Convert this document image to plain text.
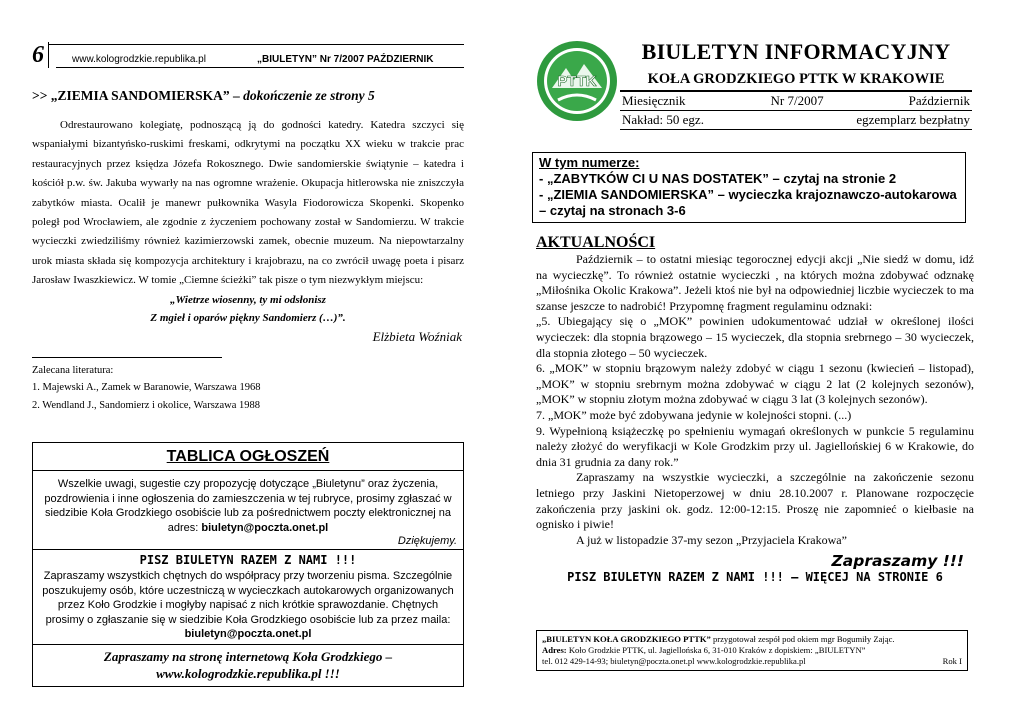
6	www.kologrodzkie.republika.pl	„BIULETYN” Nr 7/2007 PAŹDZIERNIK
>> „ZIEMIA SANDOMIERSKA” – dokończenie ze strony 5

Odrestaurowano kolegiatę, podnoszącą ją do godności katedry. Katedra szczyci się wspaniałymi bizantyńsko-ruskimi freskami, odkrytymi na początku XX wieku w trakcie prac restauracyjnych przez księdza Józefa Rokosznego. Dwie sandomierskie świątynie – katedra i kościół p.w. św. Jakuba wywarły na nas ogromne wrażenie. Okupacja hitlerowska nie zniszczyła zabytków miasta. Ocalił je manewr pułkownika Wasyla Fiodorowicza Skopenki. Skopenko poległ pod Wrocławiem, ale zgodnie z życzeniem pochowany został w Sandomierzu. W trakcie wycieczki zwiedziliśmy również kazimierzowski zamek, obecnie muzeum. Na niepowtarzalny urok miasta składa się kompozycja architektury i krajobrazu, na co zwrócił uwagę poeta i pisarz Jarosław Iwaszkiewicz. W tomie „Ciemne ścieżki” tak pisze o tym niezwykłym miejscu:

„Wietrze wiosenny, ty mi odsłonisz
Z mgieł i oparów piękny Sandomierz (…)”.
Elżbieta Woźniak
Zalecana literatura:
1. Majewski A., Zamek w Baranowie, Warszawa 1968
2. Wendland J., Sandomierz i okolice, Warszawa 1988
TABLICA OGŁOSZEŃ
Wszelkie uwagi, sugestie czy propozycję dotyczące „Biuletynu” oraz życzenia, pozdrowienia i inne ogłoszenia do zamieszczenia w tej rubryce, prosimy zgłaszać w siedzibie Koła Grodzkiego osobiście lub za pośrednictwem poczty elektronicznej na adres: biuletyn@poczta.onet.pl
Dziękujemy.
PISZ BIULETYN RAZEM Z NAMI !!!
Zapraszamy wszystkich chętnych do współpracy przy tworzeniu pisma. Szczególnie poszukujemy osób, które uczestniczą w wycieczkach autokarowych organizowanych przez Koło Grodzkie i mogłyby napisać z nich krótkie sprawozdanie. Chętnych prosimy o zgłaszanie się w siedzibie Koła Grodzkiego osobiście lub za przez maila: biuletyn@poczta.onet.pl
Zapraszamy na stronę internetową Koła Grodzkiego –
www.kologrodzkie.republika.pl !!!
PTTK
BIULETYN INFORMACYJNY
KOŁA GRODZKIEGO PTTK W KRAKOWIE
Miesięcznik	Nr 7/2007	Październik
Nakład: 50 egz.	egzemplarz bezpłatny
W tym numerze:
- „ZABYTKÓW CI U NAS DOSTATEK” – czytaj na stronie 2
- „ZIEMIA SANDOMIERSKA” – wycieczka krajoznawczo-autokarowa – czytaj na stronach 3-6
AKTUALNOŚCI

Październik – to ostatni miesiąc tegorocznej edycji akcji „Nie siedź w domu, idź na wycieczkę”. To również ostatnie wycieczki , na których można zdobywać odznakę „Miłośnika Okolic Krakowa”. Jeżeli ktoś nie był na odpowiedniej liczbie wycieczek to ma szanse jeszcze to nadrobić! Przypomnę fragment regulaminu odznaki:

„5. Ubiegający się o „MOK” powinien udokumentować udział w określonej ilości wycieczek: dla stopnia brązowego – 15 wycieczek, dla stopnia srebrnego – 30 wycieczek, dla stopnia złotego – 50 wycieczek.

6. „MOK” w stopniu brązowym należy zdobyć w ciągu 1 sezonu (kwiecień – listopad), „MOK” w stopniu srebrnym można zdobywać w ciągu 2 lat (2 kolejnych sezonów), „MOK” w stopniu złotym można zdobywać w ciągu 3 lat (3 kolejnych sezonów).

7. „MOK” może być zdobywana jedynie w kolejności stopni. (...)

9. Wypełnioną książeczkę po spełnieniu wymagań określonych w punkcie 5 regulaminu należy złożyć do weryfikacji w Kole Grodzkim przy ul. Jagiellońskiej 6 w Krakowie, do dnia 31 grudnia za dany rok.”

Zapraszamy na wszystkie wycieczki, a szczególnie na zakończenie sezonu letniego przy Jaskini Nietoperzowej w dniu 28.10.2007 r. Planowane rozpoczęcie zakończenia przy jaskini ok. godz. 12:00-12:15. Proszę nie zapomnieć o kiełbasie na ognisko i piwie!

A już w listopadzie 37-my sezon „Przyjaciela Krakowa”

Zapraszamy !!!
PISZ BIULETYN RAZEM Z NAMI !!! – WIĘCEJ NA STRONIE 6
„BIULETYN KOŁA GRODZKIEGO PTTK” przygotował zespół pod okiem mgr Bogumiły Zając.
Adres: Koło Grodzkie PTTK, ul. Jagiellońska 6, 31-010 Kraków z dopiskiem: „BIULETYN”
tel. 012 429-14-93; biuletyn@poczta.onet.pl www.kologrodzkie.republika.pl	Rok I
